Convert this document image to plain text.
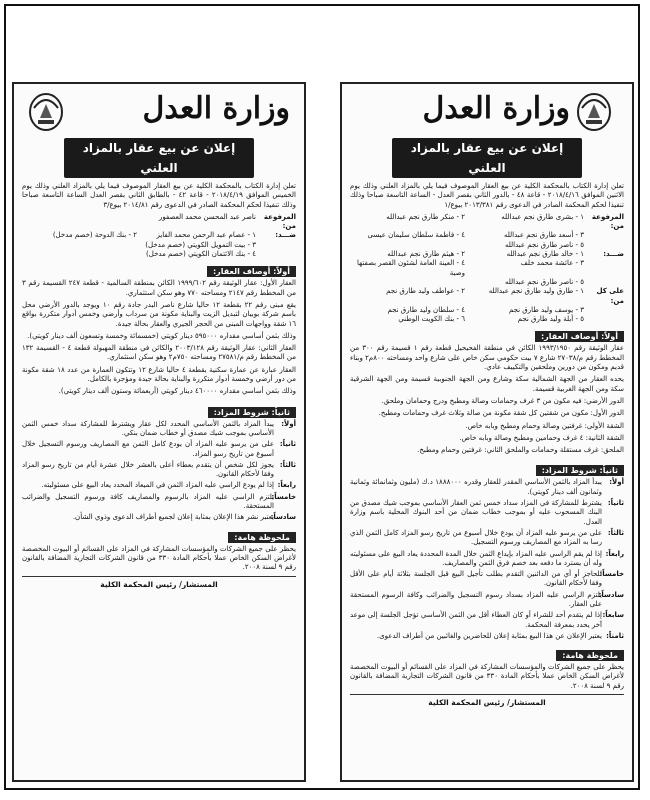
وزارة العدل
إعلان عن بيع عقار بالمزاد العلني

تعلن إدارة الكتاب بالمحكمة الكلية عن بيع العقار الموصوف فيما يلي بالمزاد العلني وذلك يوم الاثنين الموافق ٢٠١٨/٤/١٦ - قاعة ٤٨ - بالدور الثاني بقصر العدل - الساعة التاسعة صباحا وذلك تنفيذا لحكم المحكمة الصادر في الدعوى رقم ٢٠١٣/٣٨١ بيوع/١

المرفوعة من:
١ - بشرى طارق نجم عبدالله
٢ - منكر طارق نجم عبدالله
٣ - أسعد طارق نجم عبدالله
٤ - فاطمة سلطان سليمان عيسى
٥ - ناصر طارق نجم عبدالله
ضـــد:
١ - خالد طارق نجم عبدالله
٢ - هيثم طارق نجم عبدالله
٣ - عائشة محمد خلف
٤ - العينة العامة لشئون القصر بصفتها وصية
٥ - ناصر طارق نجم عبدالله
على كل من:
١ - طارق وليد طارق نجم عبدالله
٢ - عواطف وليد طارق نجم
٣ - يوسف وليد طارق نجم
٤ - سلطان وليد طارق نجم
٥ - أبلة وليد طارق نجم
٦ - بنك الكويت الوطني
أولاً: أوصاف العقار:

عقار الوثيقة رقم ١٩٩٣/١٩٥٠ الكائن في منطقة الفحيحيل قطعة رقم ١ قسيمة رقم ٣٠٠ من المخطط رقم م/٢٧٠٣٨ شارع ٧ بيت حكومي سكن خاص على شارع واحد ومساحته ٨٠٠م٢ وبناء قديم ومكون من دورين وملحقين والتكييف عادي.

يحده العقار من الجهة الشمالية سكة وشارع ومن الجهة الجنوبية قسيمة ومن الجهة الشرقية سكة ومن الجهة الغربية قسيمة.

الدور الأرضي: فيه مكون من ٣ غرف وحمامات وصالة ومطبخ ودرج وحمامان وملحق.

الدور الأول: مكون من شقتين كل شقة مكونة من صالة وثلاث غرف وحمامات ومطبخ.

الشقة الأولى: غرفتين وصالة وحمام ومطبخ وبابه خاص.

الشقة الثانية: ٤ غرف وحمامين ومطبخ وصالة وبابه خاص.

الملحق: غرف مستقلة وحمامات والملحق الثاني: غرفتين وحمام ومطبخ.

ثانياً: شروط المزاد:
أولاً:
يبدأ المزاد بالثمن الأساسي المقدر للعقار وقدره ١٨٨٨٠٠٠ د.ك (مليون وثمانمائة وثمانية وثمانون ألف دينار كويتي).
ثانياً:
يشترط للمشاركة في المزاد سداد خمس ثمن العقار الأساسي بموجب شيك مصدق من البنك المسحوب عليه أو بموجب خطاب ضمان من أحد البنوك المحلية باسم وزارة العدل.
ثالثاً:
على من يرسو عليه المزاد أن يودع خلال أسبوع من تاريخ رسو المزاد كامل الثمن الذي رسا به المزاد مع المصاريف ورسوم التسجيل.
رابعاً:
إذا لم يقم الراسي عليه المزاد بإيداع الثمن خلال المدة المحددة يعاد البيع على مسئوليته وله أن يسترد ما دفعه بعد خصم فرق الثمن والمصاريف.
خامساً:
للحاجز أو أي من الدائنين التقدم بطلب تأجيل البيع قبل الجلسة بثلاثة أيام على الأقل وفقا لأحكام القانون.
سادساً:
يلتزم الراسي عليه المزاد بسداد رسوم التسجيل والضرائب وكافة الرسوم المستحقة على العقار.
سابعاً:
إذا لم يتقدم أحد للشراء أو كان العطاء أقل من الثمن الأساسي تؤجل الجلسة إلى موعد آخر يحدد بمعرفة المحكمة.
ثامناً:
يعتبر الإعلان عن هذا البيع بمثابة إعلان للحاضرين والغائبين من أطراف الدعوى.
ملحوظة هامة:

يحظر على جميع الشركات والمؤسسات المشاركة في المزاد على القسائم أو البيوت المخصصة لأغراض السكن الخاص عملا بأحكام المادة ٣٣٠ من قانون الشركات التجارية المضافة بالقانون رقم ٩ لسنة ٢٠٠٨.

المستشار/ رئيس المحكمة الكلية
وزارة العدل
إعلان عن بيع عقار بالمزاد العلني

تعلن إدارة الكتاب بالمحكمة الكلية عن بيع العقار الموصوف فيما يلي بالمزاد العلني وذلك يوم الخميس الموافق ٢٠١٨/٤/١٩ - قاعة ٤٢ - بالطابق الثاني بقصر العدل الساعة التاسعة صباحا وذلك تنفيذا لحكم المحكمة الصادر في الدعوى رقم ٢٠١٤/٨١ بيوع/٣

المرفوعة من:
ناصر عبد المحسن محمد العصفور
ضـــد:
١ - عصام عبد الرحمن محمد الفايز
٢ - بنك الدوحة (خصم مدخل)
٣ - بيت التمويل الكويتي (خصم مدخل)
٤ - بنك الائتمان الكويتي (خصم مدخل)
أولاً: أوصاف العقار:

العقار الأول: عقار الوثيقة رقم ١٩٩٩/٦٠٢ الكائن بمنطقة السالمية - قطعة ٢٤٧ القسيمة رقم ٣ من المخطط رقم ٢١٤٧ ومساحته ٧٧٠ وهو سكن استثماري.

يقع مبنى رقم ٢٢ بقطعة ١٢ حاليا شارع ناصر البدر جادة رقم ١٠ ويوجد بالدور الأرضي محل باسم شركة بوبيان لتبديل الزيت والبناية مكونة من سرداب وأرضي وخمس أدوار متكررة بواقع ١٦ شقة وواجهات المبنى من الحجر الجيري والعقار بحالة جيدة.

وذلك بثمن أساسي مقداره ٥٩٥٠٠٠ دينار كويتي (خمسمائة وخمسة وتسعون ألف دينار كويتي).

العقار الثاني: عقار الوثيقة رقم ٢٠٠٣/١٢٨ والكائن في منطقة المهبولة قطعة ٤ - القسيمة ١٣٢ من المخطط رقم م/٢٧٥٨١ ومساحته ٧٥٠م٢ وهو سكن استثماري.

العقار عبارة عن عمارة سكنية بقطعة ٤ حاليا شارع ١٢ وتتكون العمارة من عدد ١٨ شقة مكونة من دور أرضي وخمسة أدوار متكررة والبناية بحالة جيدة ومؤجرة بالكامل.

وذلك بثمن أساسي مقداره ٤٦٠٠٠٠ دينار كويتي (أربعمائة وستون ألف دينار كويتي).

ثانياً: شروط المزاد:
أولاً:
يبدأ المزاد بالثمن الأساسي المحدد لكل عقار ويشترط للمشاركة سداد خمس الثمن الأساسي بموجب شيك مصدق أو خطاب ضمان بنكي.
ثانياً:
على من يرسو عليه المزاد أن يودع كامل الثمن مع المصاريف ورسوم التسجيل خلال أسبوع من تاريخ رسو المزاد.
ثالثاً:
يجوز لكل شخص أن يتقدم بعطاء أعلى بالعشر خلال عشرة أيام من تاريخ رسو المزاد وفقا لأحكام القانون.
رابعاً:
إذا لم يودع الراسي عليه المزاد الثمن في الميعاد المحدد يعاد البيع على مسئوليته.
خامساً:
يلتزم الراسي عليه المزاد بالرسوم والمصاريف كافة ورسوم التسجيل والضرائب المستحقة.
سادساً:
يعتبر نشر هذا الإعلان بمثابة إعلان لجميع أطراف الدعوى وذوي الشأن.
ملحوظة هامة:

يحظر على جميع الشركات والمؤسسات المشاركة في المزاد على القسائم أو البيوت المخصصة لأغراض السكن الخاص عملا بأحكام المادة ٣٣٠ من قانون الشركات التجارية المضافة بالقانون رقم ٩ لسنة ٢٠٠٨.

المستشار/ رئيس المحكمة الكلية
